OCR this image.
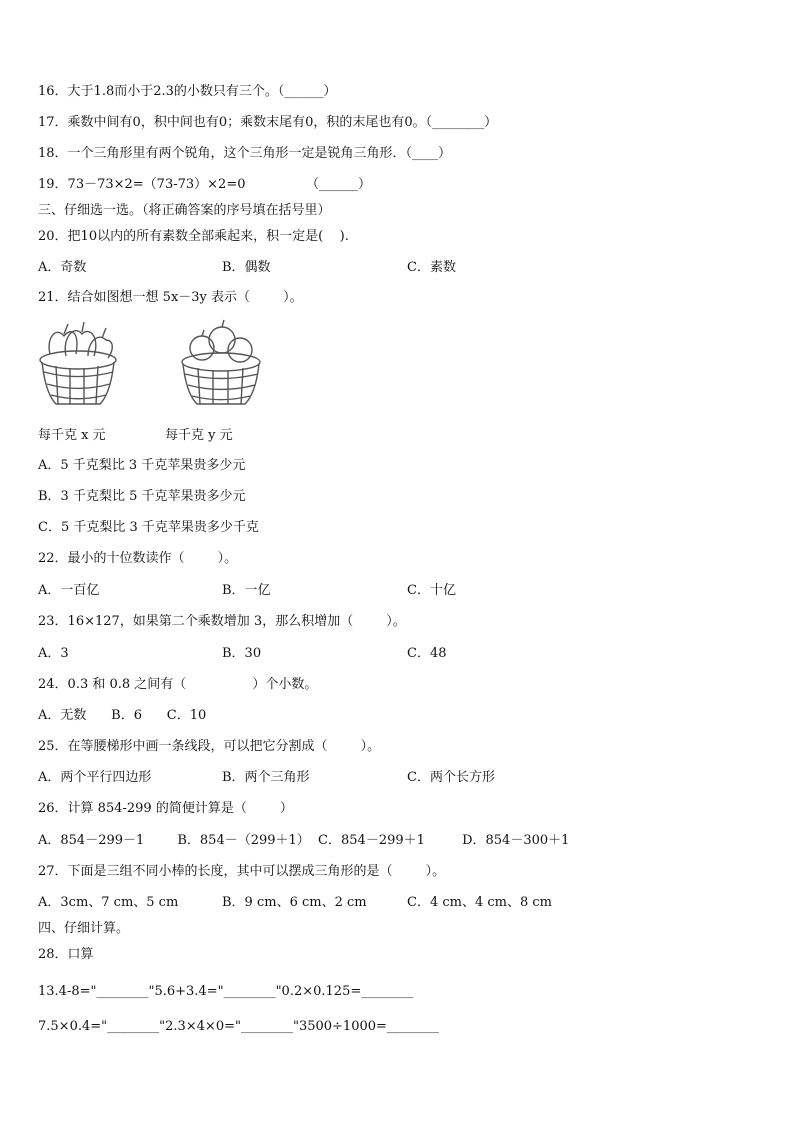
16．大于1.8而小于2.3的小数只有三个。（______）
17．乘数中间有0，积中间也有0；乘数末尾有0，积的末尾也有0。（________）
18．一个三角形里有两个锐角，这个三角形一定是锐角三角形．（____）
19．73－73×2=（73-73）×2=0	（______）
三、仔细选一选。（将正确答案的序号填在括号里）
20．把10以内的所有素数全部乘起来，积一定是(    ).
A．奇数	B．偶数	C．素数
21．结合如图想一想 5x－3y 表示（        ）。
每千克 x 元	每千克 y 元
A．5 千克梨比 3 千克苹果贵多少元
B．3 千克梨比 5 千克苹果贵多少元
C．5 千克梨比 3 千克苹果贵多少千克
22．最小的十位数读作（        ）。
A．一百亿	B．一亿	C．十亿
23．16×127，如果第二个乘数增加 3，那么积增加（        ）。
A．3	B．30	C．48
24．0.3 和 0.8 之间有（                ）个小数。
A．无数      B．6      C．10
25．在等腰梯形中画一条线段，可以把它分割成（        ）。
A．两个平行四边形	B．两个三角形	C．两个长方形
26．计算 854-299 的简便计算是（        ）
A．854－299－1        B．854－（299＋1）  C．854－299＋1         D．854－300＋1
27．下面是三组不同小棒的长度，其中可以摆成三角形的是（        ）。
A．3cm、7 cm、5 cm	B．9 cm、6 cm、2 cm	C．4 cm、4 cm、8 cm
四、仔细计算。
28．口算
13.4-8="________"5.6+3.4="________"0.2×0.125=________
7.5×0.4="________"2.3×4×0="________"3500÷1000=________
